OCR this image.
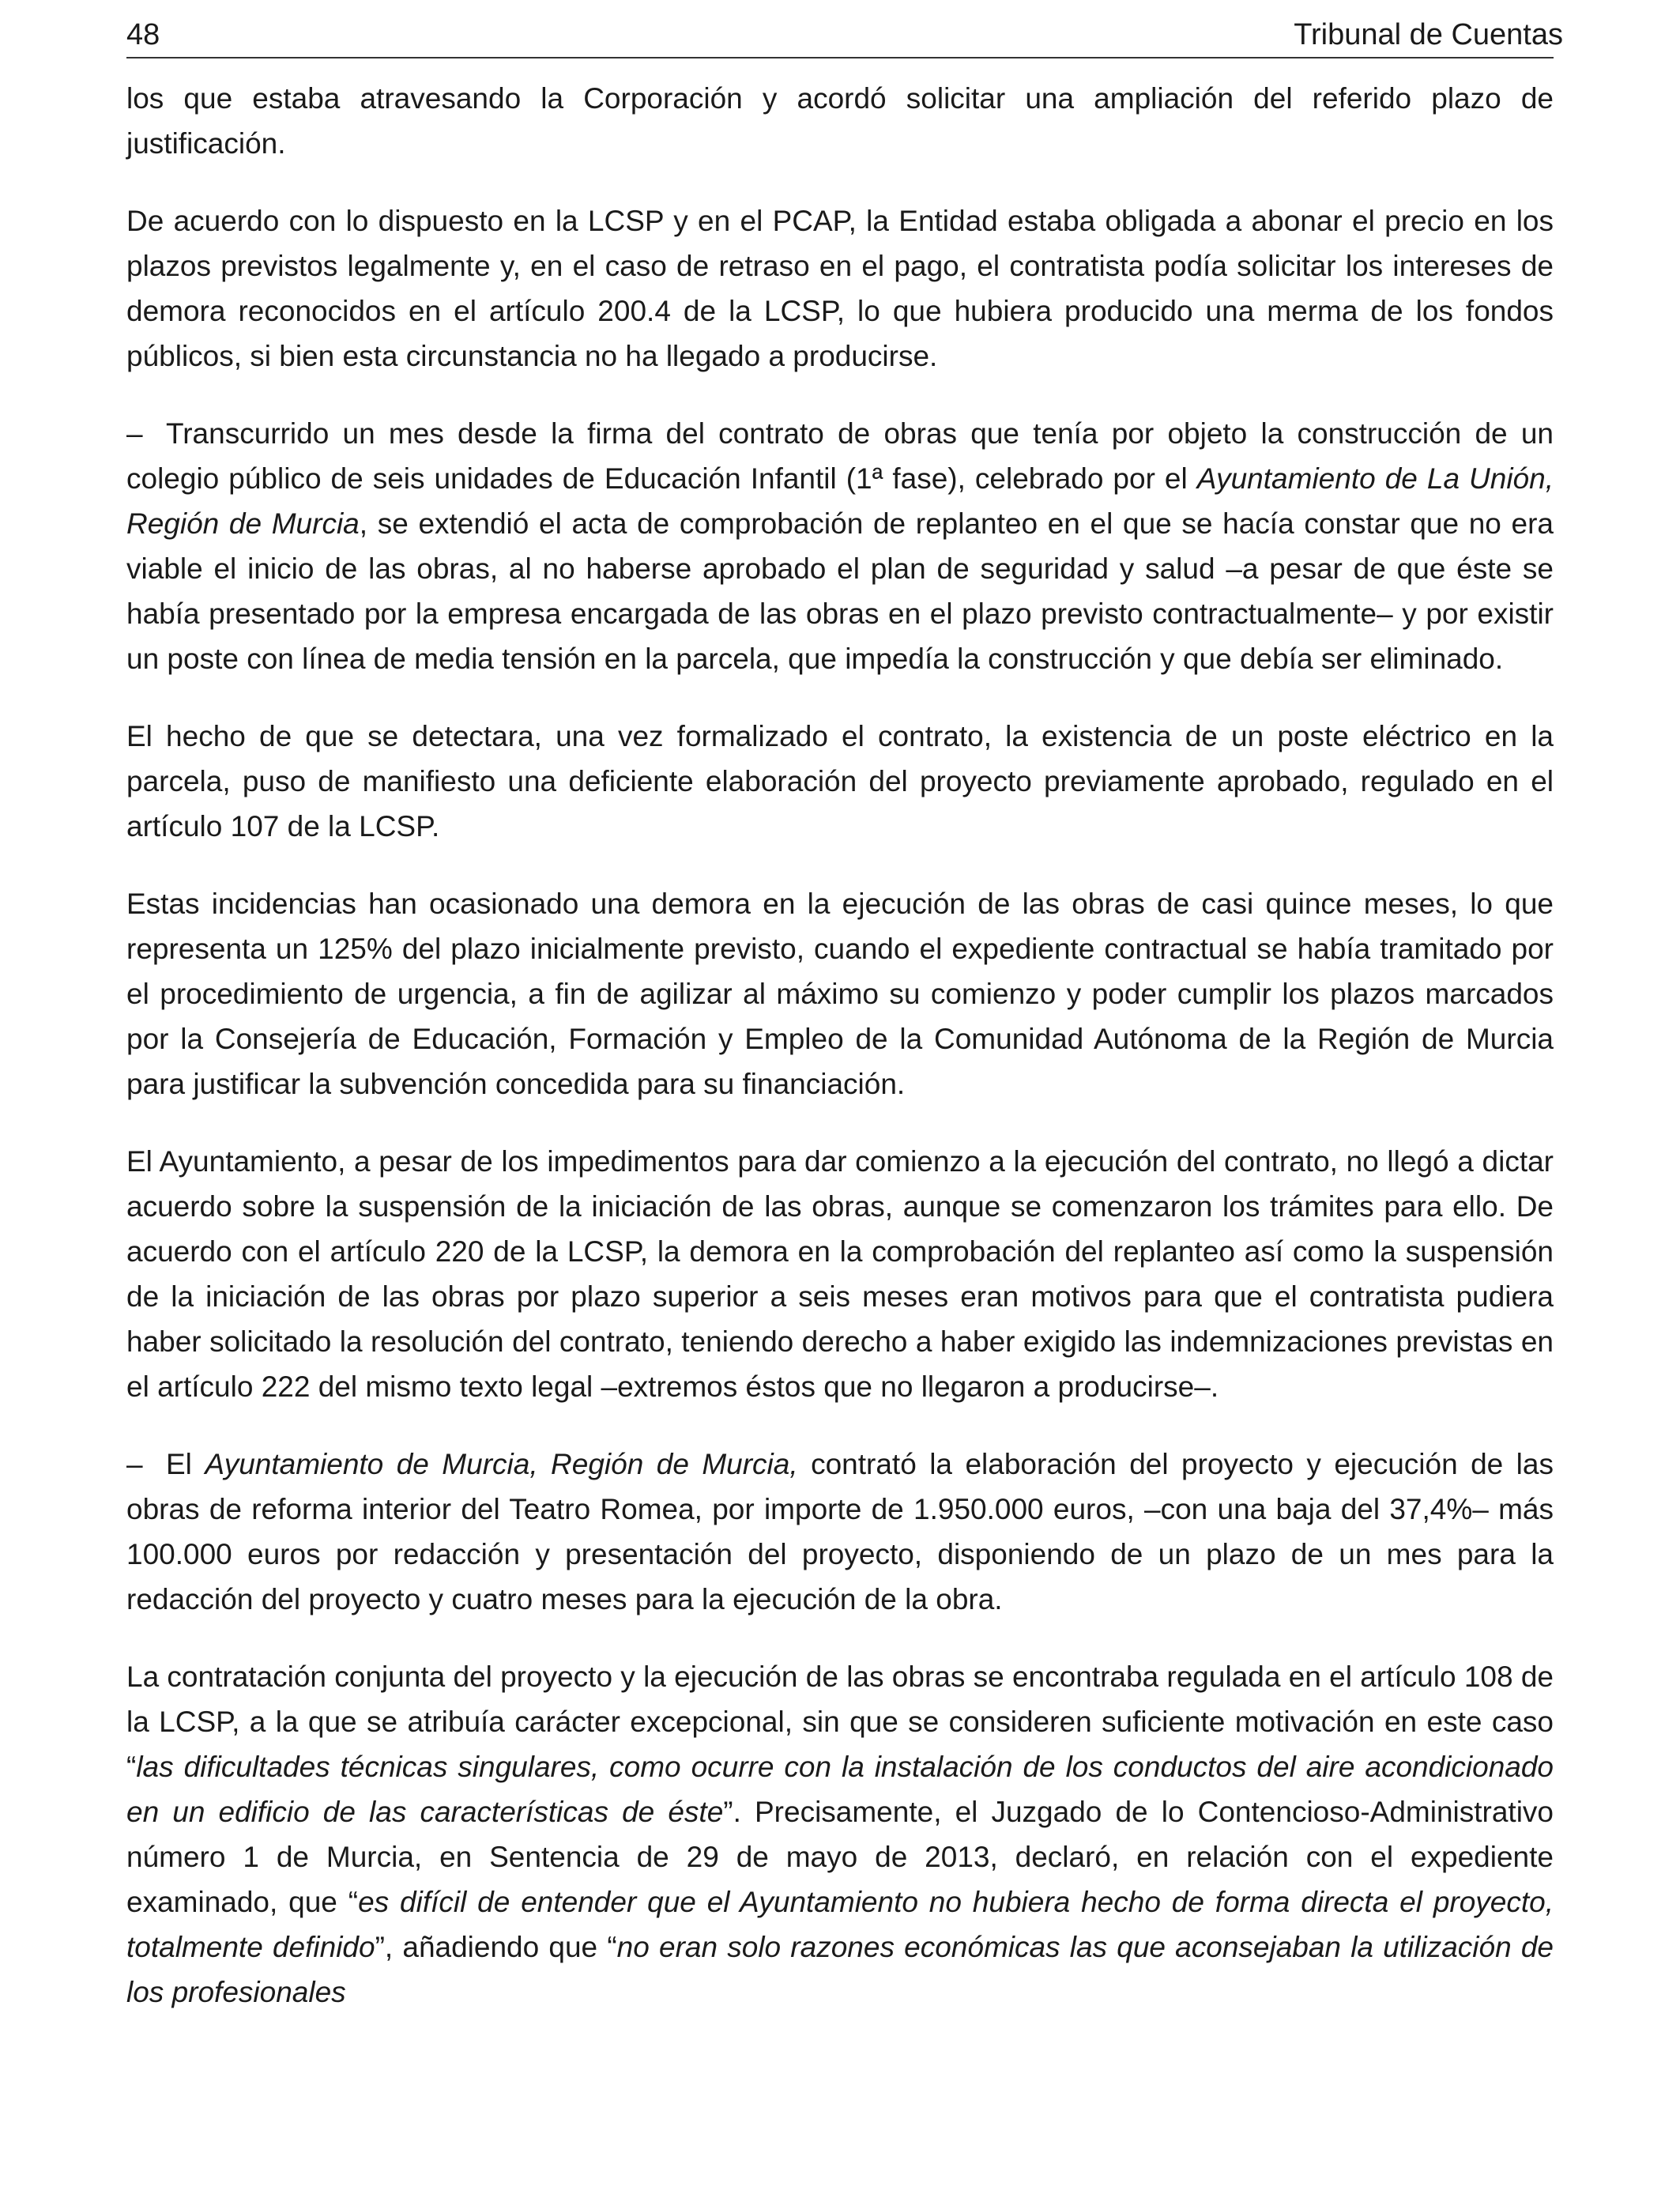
48	Tribunal de Cuentas

los que estaba atravesando la Corporación y acordó solicitar una ampliación del referido plazo de justificación.

De acuerdo con lo dispuesto en la LCSP y en el PCAP, la Entidad estaba obligada a abonar el precio en los plazos previstos legalmente y, en el caso de retraso en el pago, el contratista podía solicitar los intereses de demora reconocidos en el artículo 200.4 de la LCSP, lo que hubiera producido una merma de los fondos públicos, si bien esta circunstancia no ha llegado a producirse.

– Transcurrido un mes desde la firma del contrato de obras que tenía por objeto la construcción de un colegio público de seis unidades de Educación Infantil (1ª fase), celebrado por el Ayuntamiento de La Unión, Región de Murcia, se extendió el acta de comprobación de replanteo en el que se hacía constar que no era viable el inicio de las obras, al no haberse aprobado el plan de seguridad y salud –a pesar de que éste se había presentado por la empresa encargada de las obras en el plazo previsto contractualmente– y por existir un poste con línea de media tensión en la parcela, que impedía la construcción y que debía ser eliminado.

El hecho de que se detectara, una vez formalizado el contrato, la existencia de un poste eléctrico en la parcela, puso de manifiesto una deficiente elaboración del proyecto previamente aprobado, regulado en el artículo 107 de la LCSP.

Estas incidencias han ocasionado una demora en la ejecución de las obras de casi quince meses, lo que representa un 125% del plazo inicialmente previsto, cuando el expediente contractual se había tramitado por el procedimiento de urgencia, a fin de agilizar al máximo su comienzo y poder cumplir los plazos marcados por la Consejería de Educación, Formación y Empleo de la Comunidad Autónoma de la Región de Murcia para justificar la subvención concedida para su financiación.

El Ayuntamiento, a pesar de los impedimentos para dar comienzo a la ejecución del contrato, no llegó a dictar acuerdo sobre la suspensión de la iniciación de las obras, aunque se comenzaron los trámites para ello. De acuerdo con el artículo 220 de la LCSP, la demora en la comprobación del replanteo así como la suspensión de la iniciación de las obras por plazo superior a seis meses eran motivos para que el contratista pudiera haber solicitado la resolución del contrato, teniendo derecho a haber exigido las indemnizaciones previstas en el artículo 222 del mismo texto legal –extremos éstos que no llegaron a producirse–.

– El Ayuntamiento de Murcia, Región de Murcia, contrató la elaboración del proyecto y ejecución de las obras de reforma interior del Teatro Romea, por importe de 1.950.000 euros, –con una baja del 37,4%– más 100.000 euros por redacción y presentación del proyecto, disponiendo de un plazo de un mes para la redacción del proyecto y cuatro meses para la ejecución de la obra.

La contratación conjunta del proyecto y la ejecución de las obras se encontraba regulada en el artículo 108 de la LCSP, a la que se atribuía carácter excepcional, sin que se consideren suficiente motivación en este caso “las dificultades técnicas singulares, como ocurre con la instalación de los conductos del aire acondicionado en un edificio de las características de éste”. Precisamente, el Juzgado de lo Contencioso-Administrativo número 1 de Murcia, en Sentencia de 29 de mayo de 2013, declaró, en relación con el expediente examinado, que “es difícil de entender que el Ayuntamiento no hubiera hecho de forma directa el proyecto, totalmente definido”, añadiendo que “no eran solo razones económicas las que aconsejaban la utilización de los profesionales
